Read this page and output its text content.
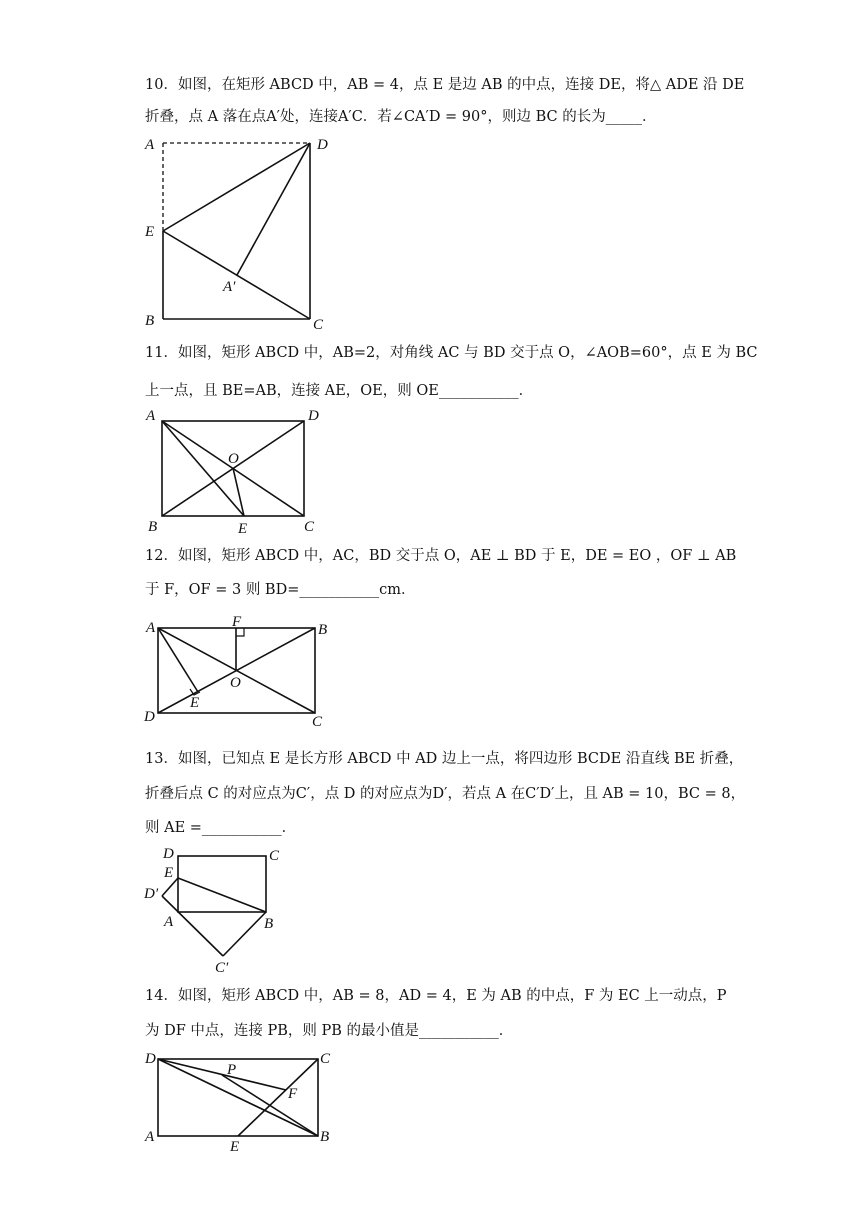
10．如图，在矩形 ABCD 中，AB = 4，点 E 是边 AB 的中点，连接 DE，将△ ADE 沿 DE
折叠，点 A 落在点A′处，连接A′C．若∠CA′D = 90°，则边 BC 的长为_____．
A	D
E
A′
B	C
11．如图，矩形 ABCD 中，AB=2，对角线 AC 与 BD 交于点 O，∠AOB=60°，点 E 为 BC
上一点，且 BE=AB，连接 AE，OE，则 OE___________．
A	D
O
B	E	C
12．如图，矩形 ABCD 中，AC，BD 交于点 O，AE ⊥ BD 于 E，DE = EO ，OF ⊥ AB
于 F，OF = 3 则 BD=___________cm．
A	F	B
O
E
D	C
13．如图，已知点 E 是长方形 ABCD 中 AD 边上一点，将四边形 BCDE 沿直线 BE 折叠，
折叠后点 C 的对应点为C′，点 D 的对应点为D′，若点 A 在C′D′上，且 AB = 10，BC = 8，
则 AE =___________．
D	C
E
D′
A	B
C′
14．如图，矩形 ABCD 中，AB = 8，AD = 4，E 为 AB 的中点，F 为 EC 上一动点，P
为 DF 中点，连接 PB，则 PB 的最小值是___________．
D	C
P
F
A
E
B
